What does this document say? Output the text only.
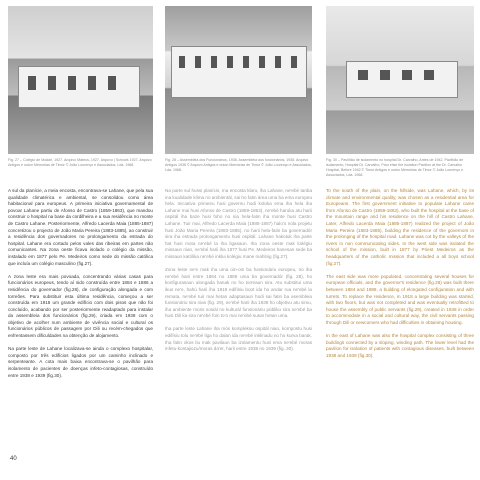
Fig. 27 – Colégio de Moâdé, 1927. Arquivo Mateus, 1927. Arquivo | Schools 1927. Arquivo Antigos e outon Memórias de Timor © João Lourenço e Associados, Lda. 1968.
Fig. 28 – Assembleia dos Funcionários, 1936. Assembleia dos funcionários, 1936. Arquivo Antigos 1936 © Arquivo Antigos e outon Memórias de Timor © João Lourenço e Associados, Lda. 1968.
Fig. 30 – Pavilhão de isolamento no hospital Dr. Carvalho, Antes de 1942. Pavilhão de isolamento, Hospital Dr. Carvalho, Prior elise the isolation Pavilion at the Dr. Carvalho Hospital, Before 1942 © Timor Antigos e outon Memórias de Timor © João Lourenço e Associados, Lda. 1968.

A sul da planície, a meia encosta, encontrava-se Lahane, que pela sua qualidade climatérica e ambiental, se consolidou como área habitacional para europeus. A primeira iniciativa governamental de povoar Lahane partiu de Afonso de Castro (1859-1863), que mandou construir o hospital na base da cordilheira e a sua residência no monte de Castro Lahane. Posteriormente, Alfredo Lacerda Maia (1885-1887) concretizou o projecto de João Maria Pereira (1883-1885), ao construir a residência dos governadores no prolongamento da estrada do hospital. Lahane era cortado pelos vales das ribeiras em partes não comunicantes. Na zona oeste ficava isolado o colégio da missão, instalado em 1877 pelo Pe. Medeiros como sede do missão católica que incluía um colégio masculino (fig.27).

A zona leste era mais povoada, concentrando várias casas para funcionários europeus, tendo aí sido construída entre 1884 e 1886 a residência do governador (fig.28), de configuração alongada e com torreões. Para substituir esta última residência, começou a ser construída em 1918 um grande edifício com dois pisos que não foi concluído, acabando por ser posteriormente readaptado para instalar da assembleia dos funcionários (fig.29), criada em 1938 com o objetivo de acolher num ambiente de vivência social e cultural os funcionários públicos de passagem por Dili ou recém-chegados que enfrentassem dificuldades na obtenção de alojamento.

Na parte leste de Lahane localizava-se ainda o complexo hospitalar, composto por três edifícios ligados por um caminho inclinado e serpenteante. A cota mais baixa encontrava-se o pavilhão para isolamento de pacientes de doenças infeto-contagiosas, construído entre 1938 e 1939 (fig.30).

Na parte sul hussi planícis, ma encosta klaru, iha Lahane, ne'ebé tanba ina kualidade klima no ambientál, sai ho fatin área uma ba ema europeu hela. Iniciativa primeiru husi governu hodi koloka ema iha hela iha Lahane mai husi Afonso de Castro (1859-1863), ne'ebé haruka atu harii ospitál iha baze husi foho no nia hela-fatin iha monte husi Castro Lahane. Tuir mai, Alfredo Lacerda Maia (1885-1887) halo'o nola projetu husi João Maria Pereira (1883-1885), no harii hela-fatin ba governadór sira iha estrada prolongamentu husi ospitál. Lahane hakotuk iha parte hat husi mota ne'ebé la iha ligasaun. Iha zona oeste mak kolégiu missaun nian, ne'ebé harii iha 1877 husi Pe. Medeiros hanesan sede ba missaun katólika ne'ebé inklui kolégiu mane mahlnig (fig.27).

Zona leste ne'e mak iha uma oin-oin ba funsionáriu europeu, no iha ne'ebé harii entre 1884 no 1886 uma ba governadór (fig. 28), ho konfigurasaun alongada hanak no ho torreaun sira. Atu substitui uma ikus ne'e, hahú harii iha 1918 edifísiu boot ida ho andar rua ne'ebé la remata, ne'ebé tuir mai hetan adaptasaun hodi sai fatin ba asembleia funsionáriu sira nian (fig. 29), ne'ebé harii iha 1938 ho objetivu atu simu, iha ambiente moris sosiál no kulturál funsionáriu públiku sira ne'ebé ba husi Dili ka sira ne'ebé foin to'o mai ne'ebé susar hetan uma.

Iha parte leste Lahane iha mós kompleksu ospitál nian, kompostu husi edifísiu tolu ne'ebé liga ho dalan ida ne'ebé inklinadu no ho kurva barak. Iha fatin okos liu mak pavilaun ba izolamentu husi ema ne'ebé moras infetu-kontajiozu/moras da'et, harii entre 1938 no 1939 (fig. 30).

To the south of the plain, on the hillside, was Lahane, which, by its climate and environmental quality, was chosen as a residential area for Europeans. The first government initiative to populate Lahane came from Afonso de Castro (1859-1863), who built the hospital at the base of the mountain range and his residence on the hill of Castro Lahane. Later, Alfredo Lacerda Maia (1885-1887) realized the project of João Maria Pereira (1883-1885), building the residence of the governors in the prolonging of the hospital road. Lahane was cut by the valleys of the rivers in non communicating sides. In the west side was isolated the school of the mission, built in 1877 by Priest Medeiros as the headquarters of the catholic mission that included a all boys school (fig.27).

The east side was more populated, concentrating several houses for european officials, and the governor's residence (fig.28) was built there between 1884 and 1886, a building of elongated configuration and with turrets. To replace the residence, in 1918 a large building was started, with two floors, but was not completed and was eventually retrofitted to house the assembly of public servants (fig.29), created in 1938 in order to accommodate in a social and cultural way, the civil servants passing through Dili or newcomers who had difficulties in obtaining housing.

In the east of Lahane was also the hospital complex consisting of three buildings connected by a sloping, winding path. The lower level had the pavilion for isolation of patients with contagious diseases, built between 1938 and 1939 (fig.30).

40
